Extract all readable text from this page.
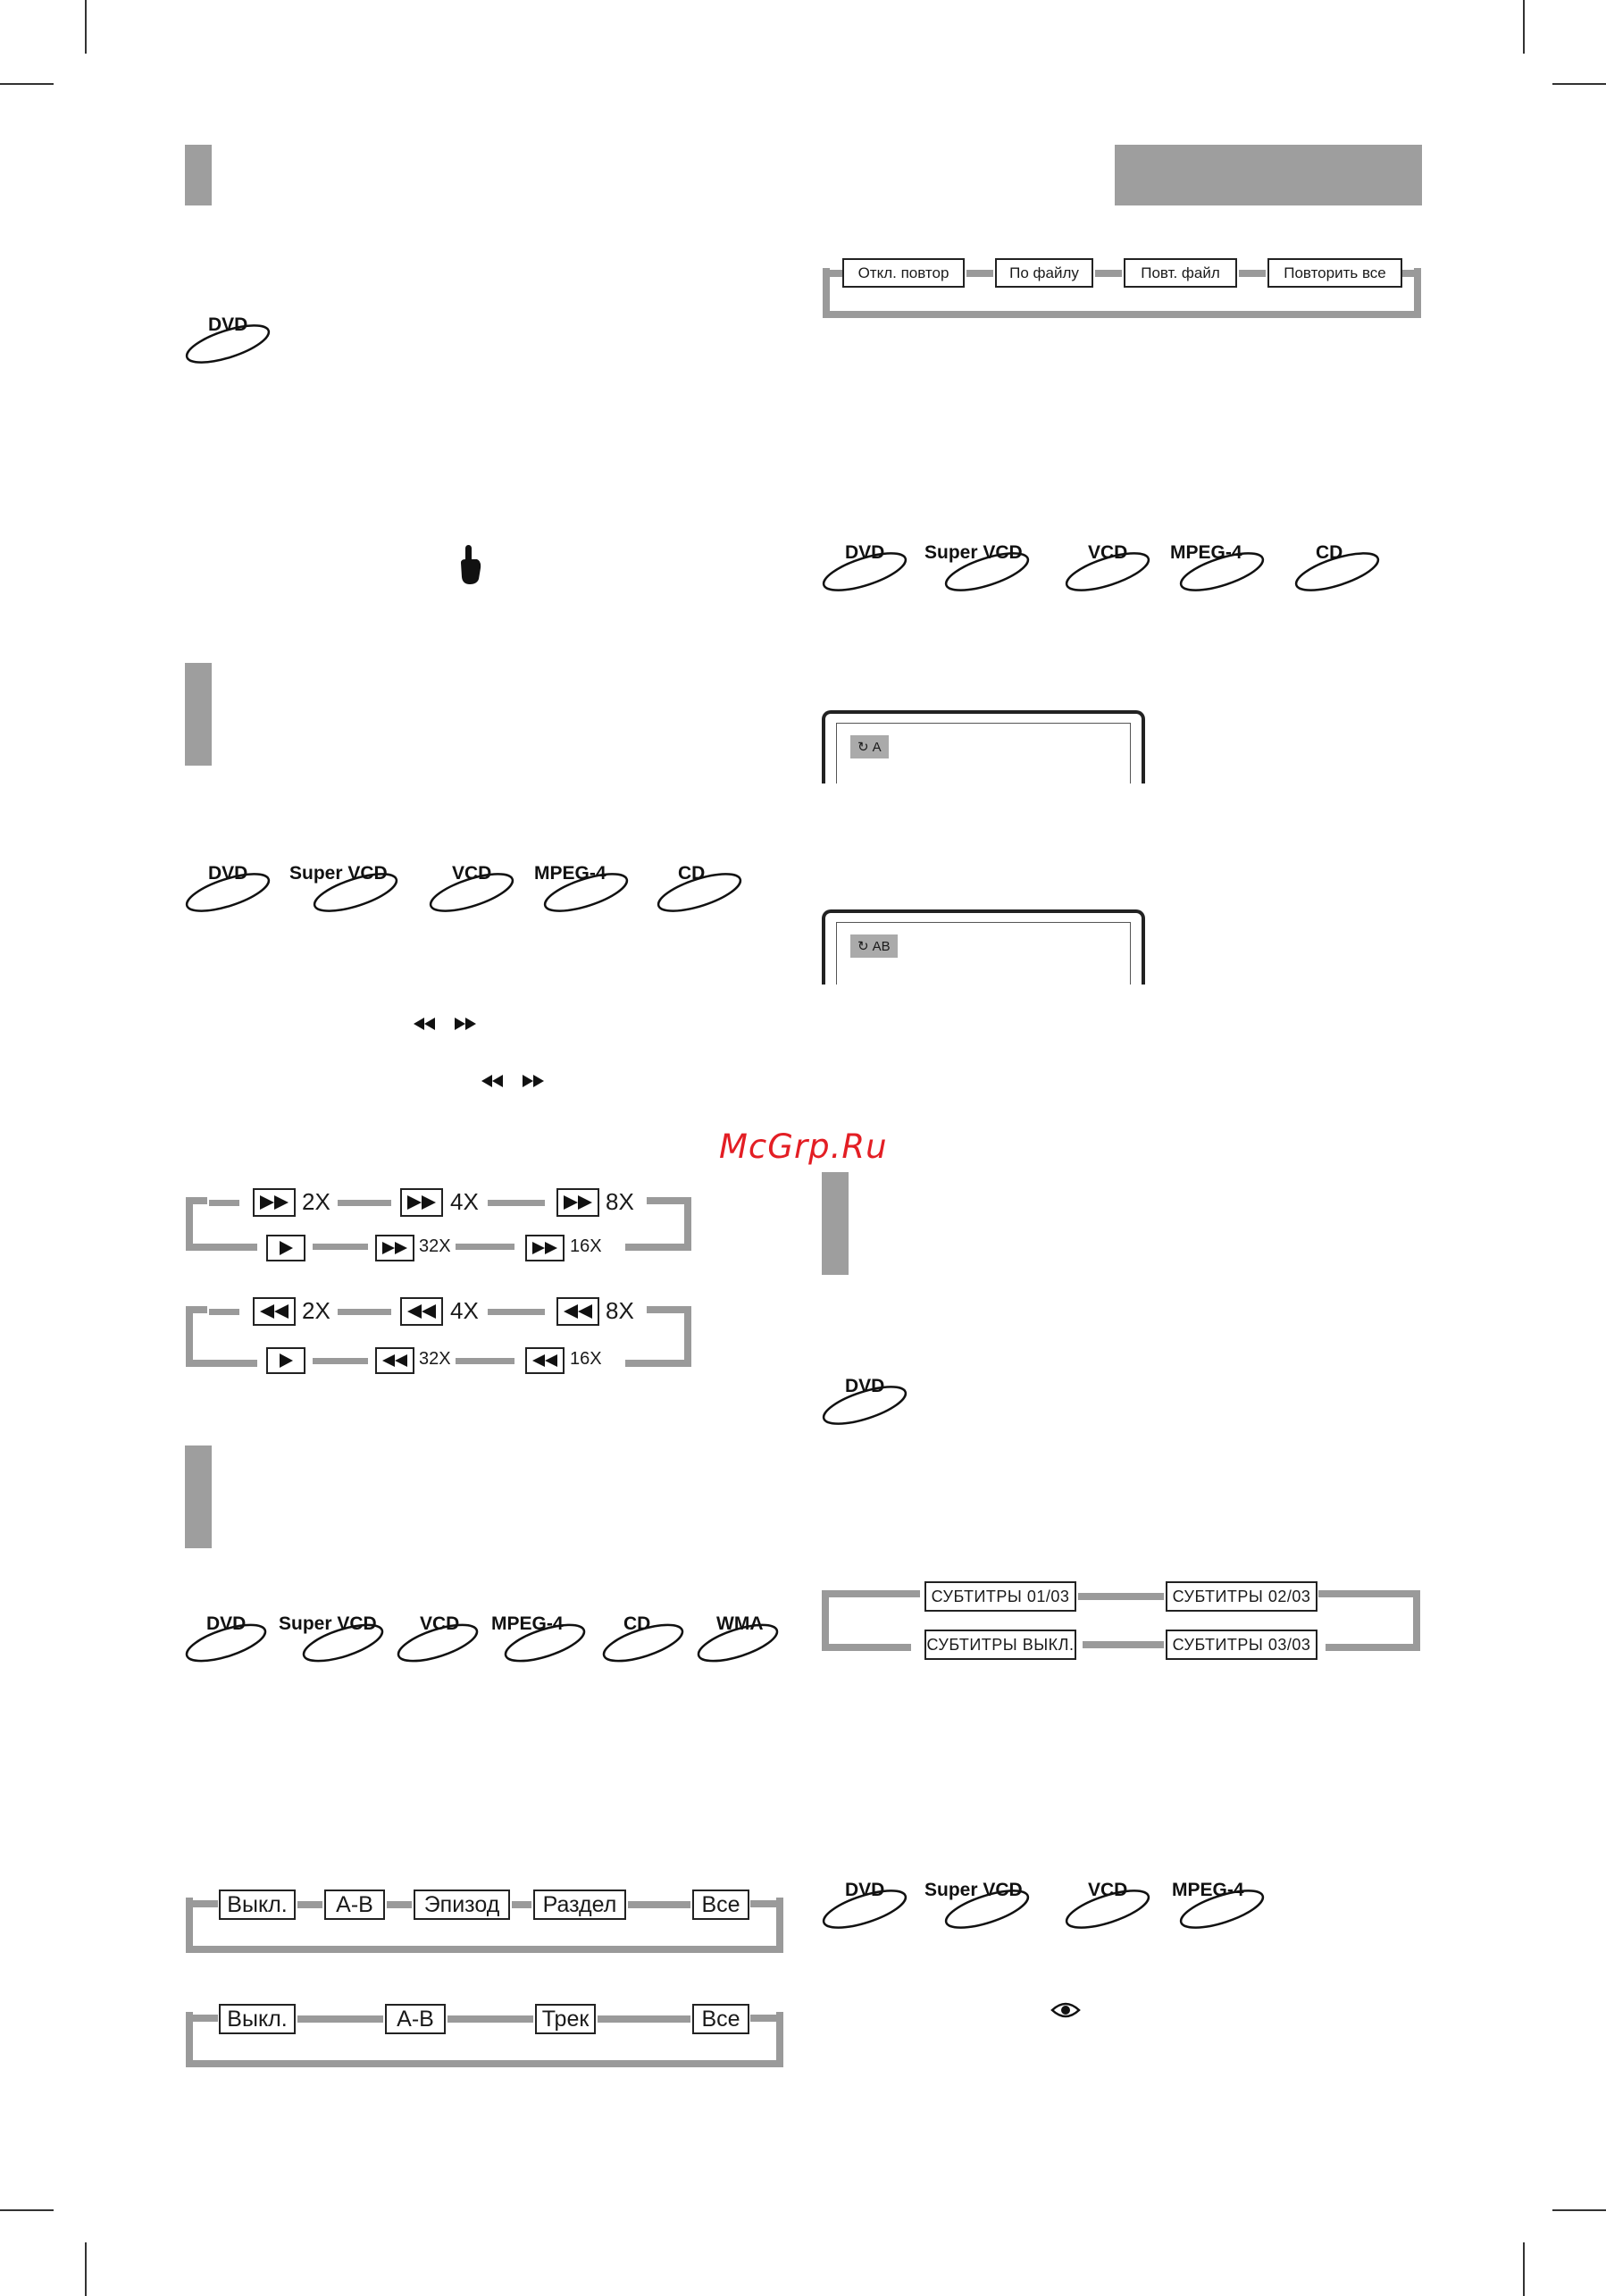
Откл. повтор	По файлу	Повт. файл	Повторить все
DVD
DVD Super VCD	VCD MPEG-4	CD
DVD Super VCD	VCD MPEG-4	CD
DVD
DVD Super VCD VCD MPEG-4	CD	WMA
DVD Super VCD	VCD MPEG-4
↻ A
↻ AB
McGrp.Ru
2X	4X	8X
32X	16X
2X	4X	8X
32X	16X
СУБТИТРЫ 01/03	СУБТИТРЫ 02/03
СУБТИТРЫ ВЫКЛ.	СУБТИТРЫ 03/03
Выкл.	A-B	Эпизод	Раздел	Все
Выкл.	A-B	Трек	Все
